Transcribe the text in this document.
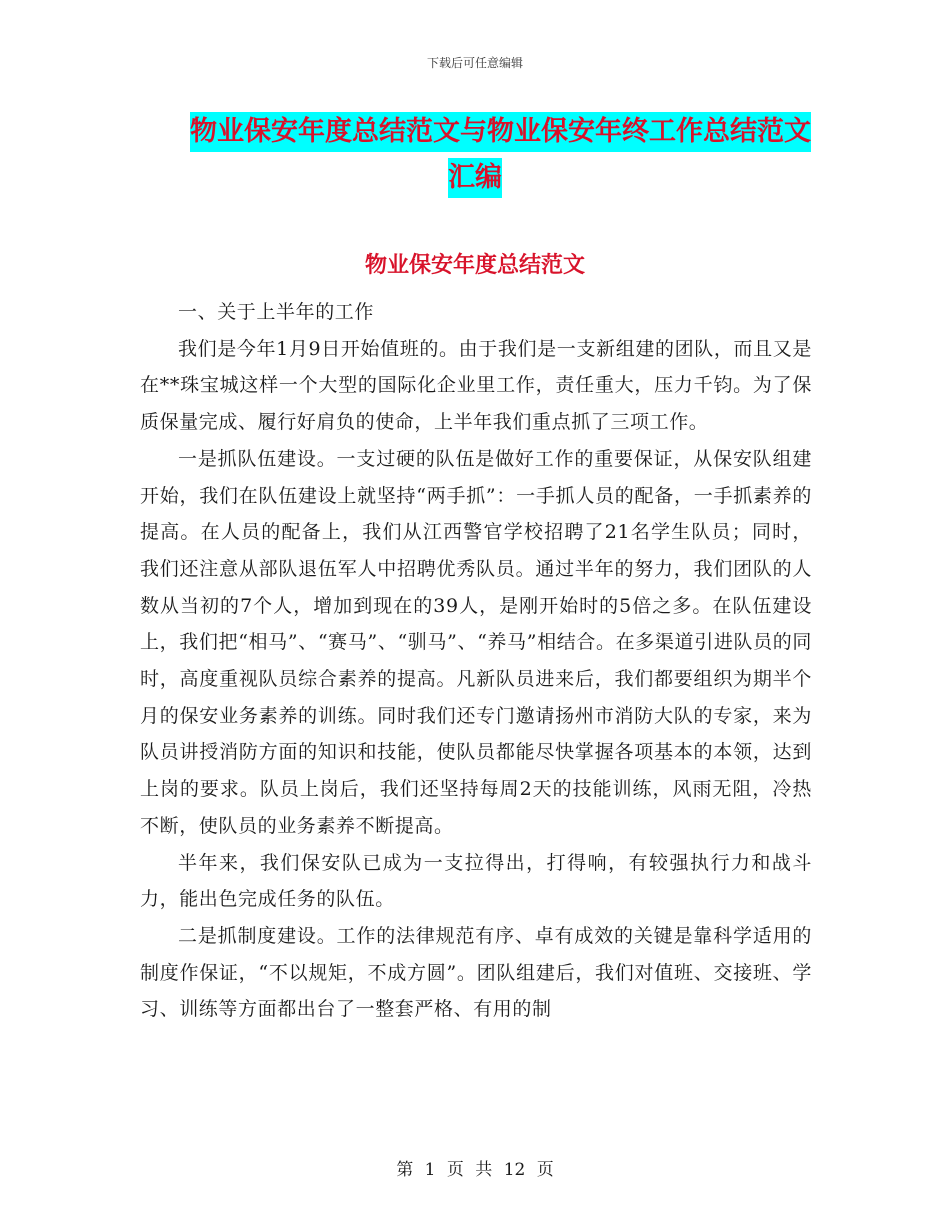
下载后可任意编辑
物业保安年度总结范文与物业保安年终工作总结范文
汇编
物业保安年度总结范文

一、关于上半年的工作

我们是今年1月9日开始值班的。由于我们是一支新组建的团队，而且又是在**珠宝城这样一个大型的国际化企业里工作，责任重大，压力千钧。为了保质保量完成、履行好肩负的使命，上半年我们重点抓了三项工作。

一是抓队伍建设。一支过硬的队伍是做好工作的重要保证，从保安队组建开始，我们在队伍建设上就坚持“两手抓”：一手抓人员的配备，一手抓素养的提高。在人员的配备上，我们从江西警官学校招聘了21名学生队员；同时，我们还注意从部队退伍军人中招聘优秀队员。通过半年的努力，我们团队的人数从当初的7个人，增加到现在的39人，是刚开始时的5倍之多。在队伍建设上，我们把“相马”、“赛马”、“驯马”、“养马”相结合。在多渠道引进队员的同时，高度重视队员综合素养的提高。凡新队员进来后，我们都要组织为期半个月的保安业务素养的训练。同时我们还专门邀请扬州市消防大队的专家，来为队员讲授消防方面的知识和技能，使队员都能尽快掌握各项基本的本领，达到上岗的要求。队员上岗后，我们还坚持每周2天的技能训练，风雨无阻，冷热不断，使队员的业务素养不断提高。

半年来，我们保安队已成为一支拉得出，打得响，有较强执行力和战斗力，能出色完成任务的队伍。

二是抓制度建设。工作的法律规范有序、卓有成效的关键是靠科学适用的制度作保证，“不以规矩，不成方圆”。团队组建后，我们对值班、交接班、学习、训练等方面都出台了一整套严格、有用的制

第 1 页 共 12 页
